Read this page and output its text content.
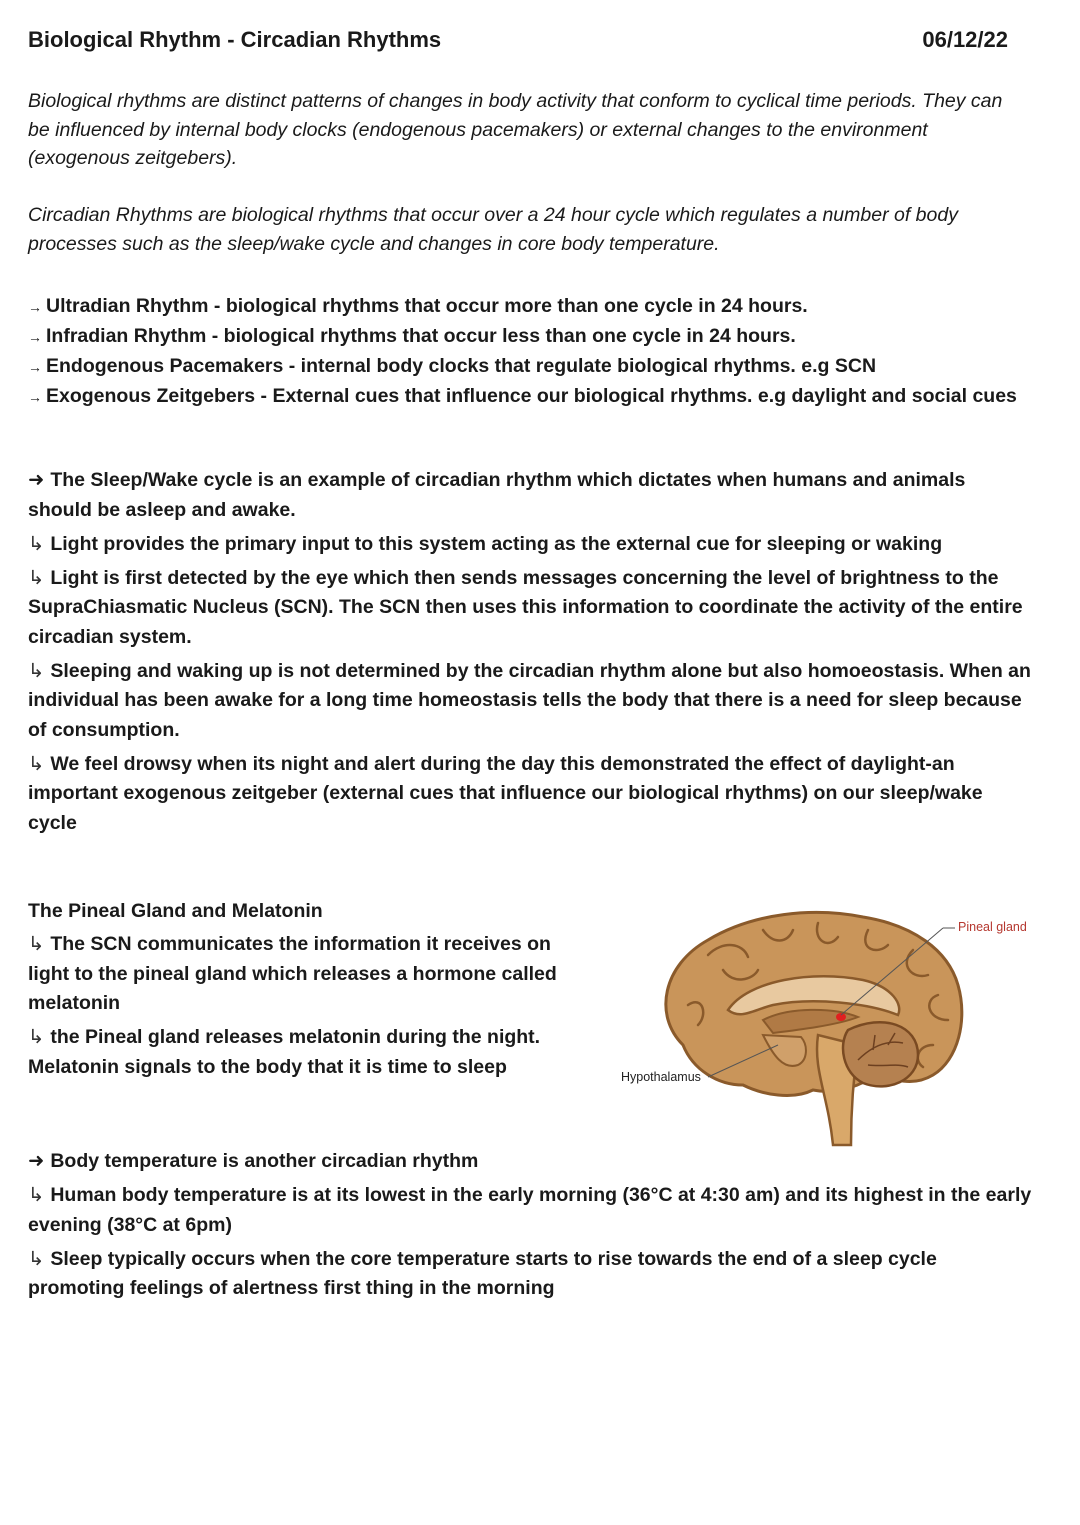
Biological Rhythm - Circadian Rhythms	06/12/22

Biological rhythms are distinct patterns of changes in body activity that conform to cyclical time periods. They can be influenced by internal body clocks (endogenous pacemakers) or external changes to the environment (exogenous zeitgebers).

Circadian Rhythms are biological rhythms that occur over a 24 hour cycle which regulates a number of body processes such as the sleep/wake cycle and changes in core body temperature.

→ Ultradian Rhythm - biological rhythms that occur more than one cycle in 24 hours.
→ Infradian Rhythm - biological rhythms that occur less than one cycle in 24 hours.
→ Endogenous Pacemakers - internal body clocks that regulate biological rhythms. e.g SCN
→ Exogenous Zeitgebers - External cues that influence our biological rhythms. e.g daylight and social cues

➜ The Sleep/Wake cycle is an example of circadian rhythm which dictates when humans and animals should be asleep and awake.

↳ Light provides the primary input to this system acting as the external cue for sleeping or waking

↳ Light is first detected by the eye which then sends messages concerning the level of brightness to the SupraChiasmatic Nucleus (SCN). The SCN then uses this information to coordinate the activity of the entire circadian system.

↳ Sleeping and waking up is not determined by the circadian rhythm alone but also homoeostasis. When an individual has been awake for a long time homeostasis tells the body that there is a need for sleep because of consumption.

↳ We feel drowsy when its night and alert during the day this demonstrated the effect of daylight-an important exogenous zeitgeber (external cues that influence our biological rhythms) on our sleep/wake cycle

The Pineal Gland and Melatonin

↳ The SCN communicates the information it receives on light to the pineal gland which releases a hormone called melatonin

↳ the Pineal gland releases melatonin during the night. Melatonin signals to the body that it is time to sleep

Pineal gland
Hypothalamus

➜ Body temperature is another circadian rhythm

↳ Human body temperature is at its lowest in the early morning (36°C at 4:30 am) and its highest in the early evening (38°C at 6pm)

↳ Sleep typically occurs when the core temperature starts to rise towards the end of a sleep cycle promoting feelings of alertness first thing in the morning
